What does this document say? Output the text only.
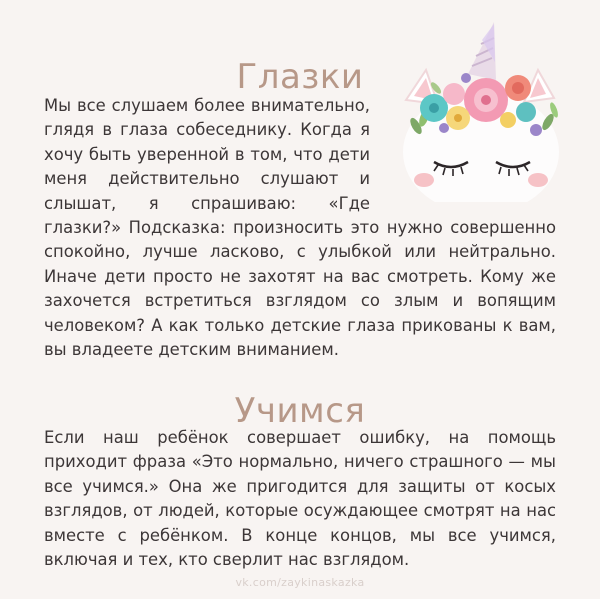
Глазки

Мы все слушаем более внимательно, глядя в глаза собеседнику. Когда я хочу быть уверенной в том, что дети меня действительно слушают и слышат, я спрашиваю: «Где глазки?» Подсказка: произносить это нужно совершенно спокойно, лучше ласково, с улыбкой или нейтрально. Иначе дети просто не захотят на вас смотреть. Кому же захочется встретиться взглядом со злым и вопящим человеком? А как только детские глаза прикованы к вам, вы владеете детским вниманием.

Учимся

Если наш ребёнок совершает ошибку, на помощь приходит фраза «Это нормально, ничего страшного — мы все учимся.» Она же пригодится для защиты от косых взглядов, от людей, которые осуждающее смотрят на нас вместе с ребёнком. В конце концов, мы все учимся, включая и тех, кто сверлит нас взглядом.

vk.com/zaykinaskazka
